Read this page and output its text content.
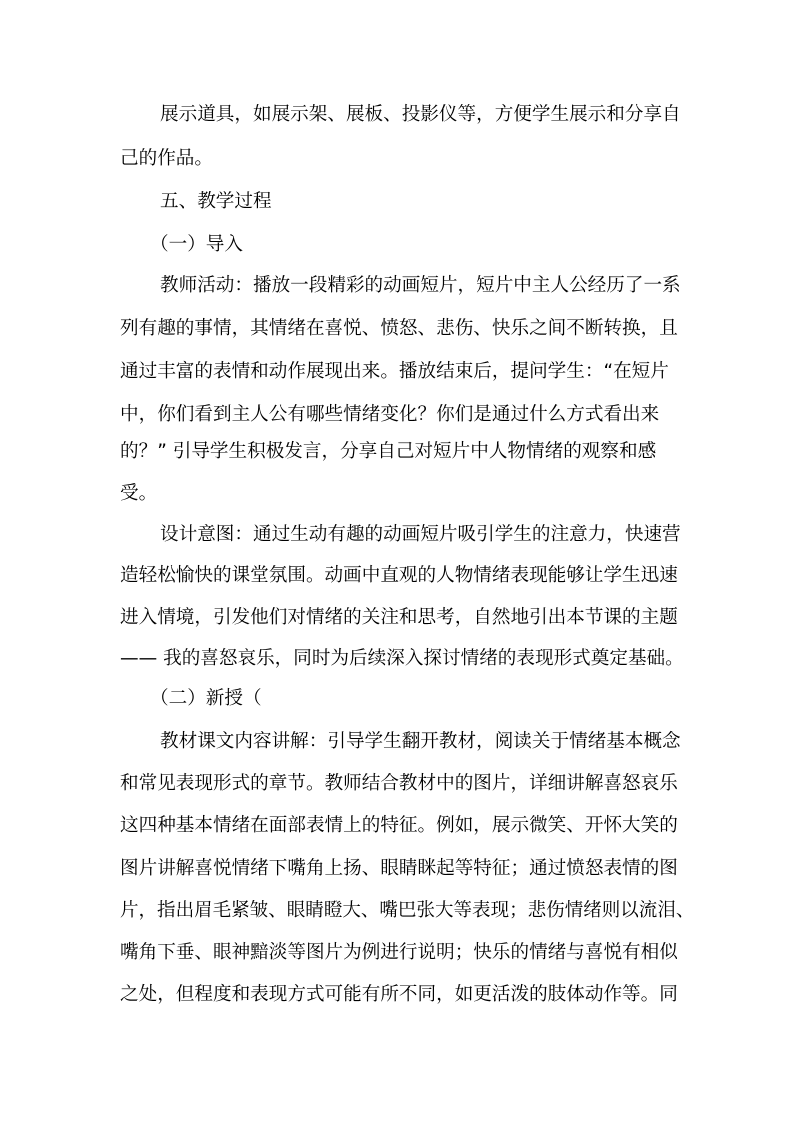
展示道具，如展示架、展板、投影仪等，方便学生展示和分享自
己的作品。
五、教学过程
（一）导入
教师活动：播放一段精彩的动画短片，短片中主人公经历了一系
列有趣的事情，其情绪在喜悦、愤怒、悲伤、快乐之间不断转换，且
通过丰富的表情和动作展现出来。播放结束后，提问学生：“在短片
中，你们看到主人公有哪些情绪变化？你们是通过什么方式看出来
的？” 引导学生积极发言，分享自己对短片中人物情绪的观察和感
受。
设计意图：通过生动有趣的动画短片吸引学生的注意力，快速营
造轻松愉快的课堂氛围。动画中直观的人物情绪表现能够让学生迅速
进入情境，引发他们对情绪的关注和思考，自然地引出本节课的主题
—— 我的喜怒哀乐，同时为后续深入探讨情绪的表现形式奠定基础。
（二）新授（
教材课文内容讲解：引导学生翻开教材，阅读关于情绪基本概念
和常见表现形式的章节。教师结合教材中的图片，详细讲解喜怒哀乐
这四种基本情绪在面部表情上的特征。例如，展示微笑、开怀大笑的
图片讲解喜悦情绪下嘴角上扬、眼睛眯起等特征；通过愤怒表情的图
片，指出眉毛紧皱、眼睛瞪大、嘴巴张大等表现；悲伤情绪则以流泪、
嘴角下垂、眼神黯淡等图片为例进行说明；快乐的情绪与喜悦有相似
之处，但程度和表现方式可能有所不同，如更活泼的肢体动作等。同
